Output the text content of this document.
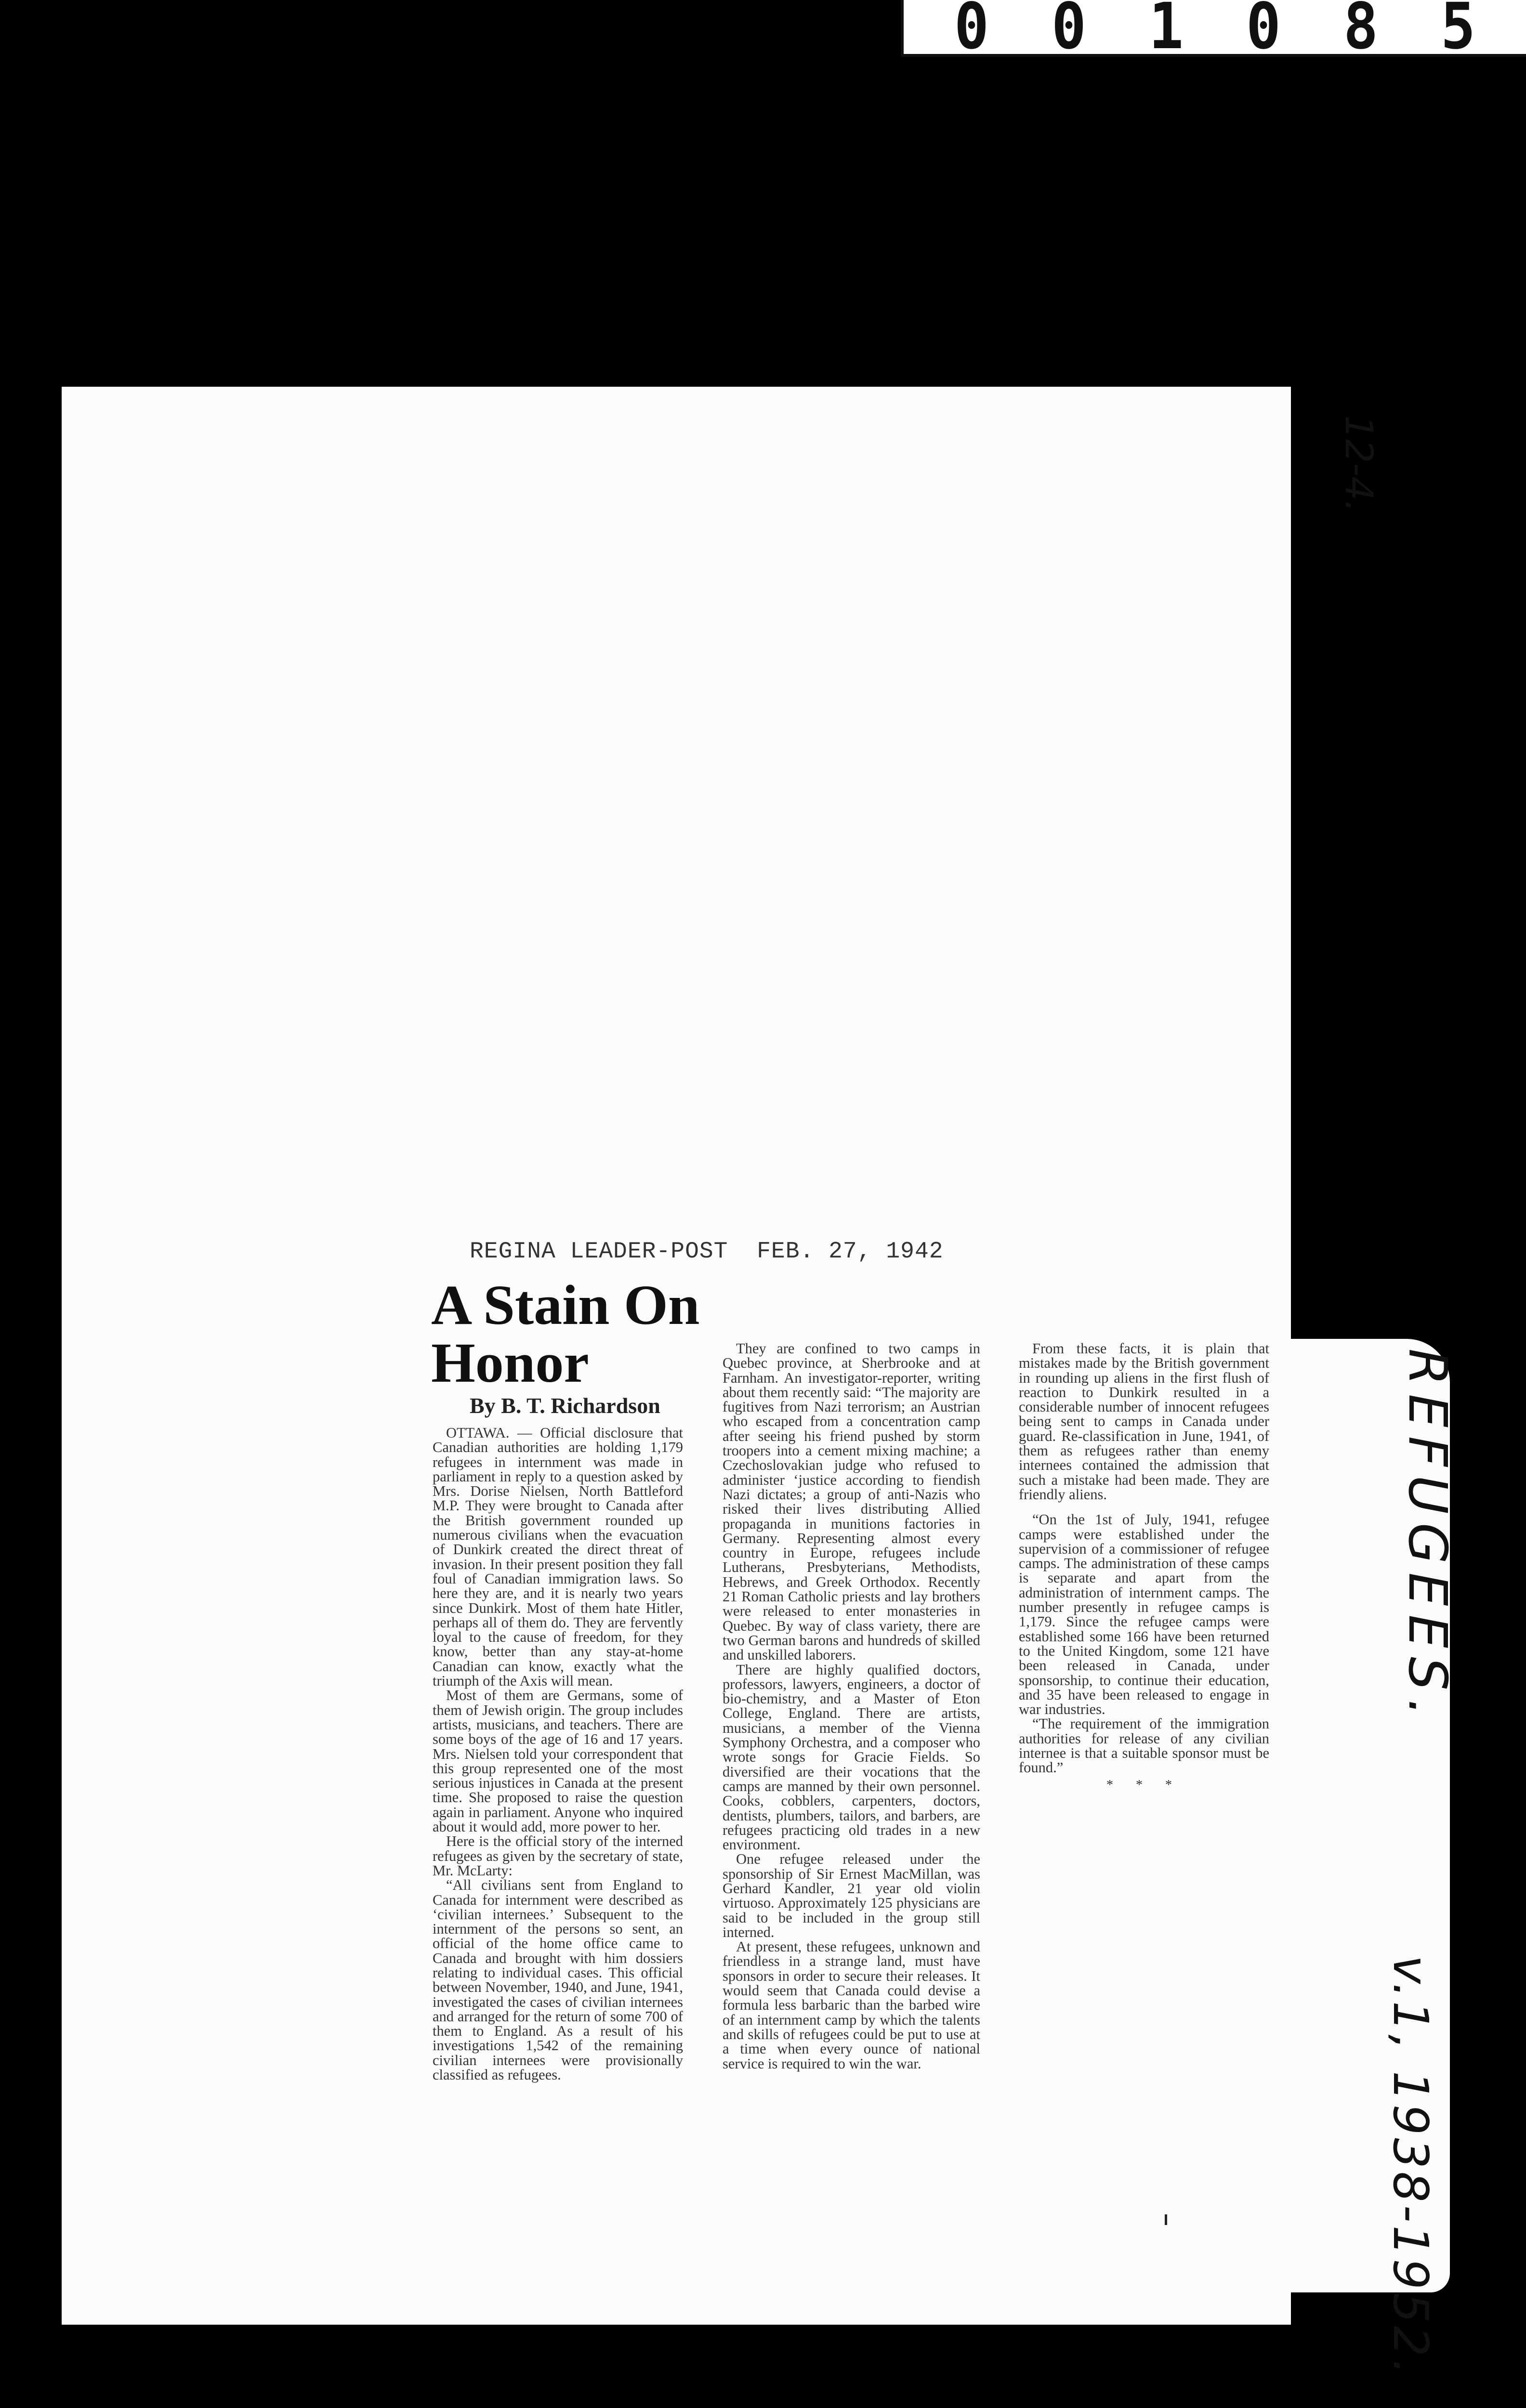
0 0 1 0 8 5
12-4.
REFUGEES.
v.1, 1938-1952.
REGINA LEADER-POST  FEB. 27, 1942
A Stain On Honor
By B. T. Richardson

OTTAWA. — Official disclosure that Canadian authorities are holding 1,179 refugees in internment was made in parliament in reply to a question asked by Mrs. Dorise Nielsen, North Battleford M.P. They were brought to Canada after the British government rounded up numerous civilians when the evacuation of Dunkirk created the direct threat of invasion. In their present position they fall foul of Canadian immigration laws. So here they are, and it is nearly two years since Dunkirk. Most of them hate Hitler, perhaps all of them do. They are fervently loyal to the cause of freedom, for they know, better than any stay-at-home Canadian can know, exactly what the triumph of the Axis will mean.

Most of them are Germans, some of them of Jewish origin. The group includes artists, musicians, and teachers. There are some boys of the age of 16 and 17 years. Mrs. Nielsen told your correspondent that this group represented one of the most serious injustices in Canada at the present time. She proposed to raise the question again in parliament. Anyone who inquired about it would add, more power to her.

Here is the official story of the interned refugees as given by the secretary of state, Mr. McLarty:

“All civilians sent from England to Canada for internment were described as ‘civilian internees.’ Subsequent to the internment of the persons so sent, an official of the home office came to Canada and brought with him dossiers relating to individual cases. This official between November, 1940, and June, 1941, investigated the cases of civilian internees and arranged for the return of some 700 of them to England. As a result of his investigations 1,542 of the remaining civilian internees were provisionally classified as refugees.

They are confined to two camps in Quebec province, at Sherbrooke and at Farnham. An investigator-reporter, writing about them recently said: “The majority are fugitives from Nazi terrorism; an Austrian who escaped from a concentration camp after seeing his friend pushed by storm troopers into a cement mixing machine; a Czechoslovakian judge who refused to administer ‘justice according to fiendish Nazi dictates; a group of anti-Nazis who risked their lives distributing Allied propaganda in munitions factories in Germany. Representing almost every country in Europe, refugees include Lutherans, Presbyterians, Methodists, Hebrews, and Greek Orthodox. Recently 21 Roman Catholic priests and lay brothers were released to enter monasteries in Quebec. By way of class variety, there are two German barons and hundreds of skilled and unskilled laborers.

There are highly qualified doctors, professors, lawyers, engineers, a doctor of bio-chemistry, and a Master of Eton College, England. There are artists, musicians, a member of the Vienna Symphony Orchestra, and a composer who wrote songs for Gracie Fields. So diversified are their vocations that the camps are manned by their own personnel. Cooks, cobblers, carpenters, doctors, dentists, plumbers, tailors, and barbers, are refugees practicing old trades in a new environment.

One refugee released under the sponsorship of Sir Ernest MacMillan, was Gerhard Kandler, 21 year old violin virtuoso. Approximately 125 physicians are said to be included in the group still interned.

At present, these refugees, unknown and friendless in a strange land, must have sponsors in order to secure their releases. It would seem that Canada could devise a formula less barbaric than the barbed wire of an internment camp by which the talents and skills of refugees could be put to use at a time when every ounce of national service is required to win the war.

From these facts, it is plain that mistakes made by the British government in rounding up aliens in the first flush of reaction to Dunkirk resulted in a considerable number of innocent refugees being sent to camps in Canada under guard. Re-classification in June, 1941, of them as refugees rather than enemy internees contained the admission that such a mistake had been made. They are friendly aliens.

“On the 1st of July, 1941, refugee camps were established under the supervision of a commissioner of refugee camps. The administration of these camps is separate and apart from the administration of internment camps. The number presently in refugee camps is 1,179. Since the refugee camps were established some 166 have been returned to the United Kingdom, some 121 have been released in Canada, under sponsorship, to continue their education, and 35 have been released to engage in war industries.

“The requirement of the immigration authorities for release of any civilian internee is that a suitable sponsor must be found.”

* * *
